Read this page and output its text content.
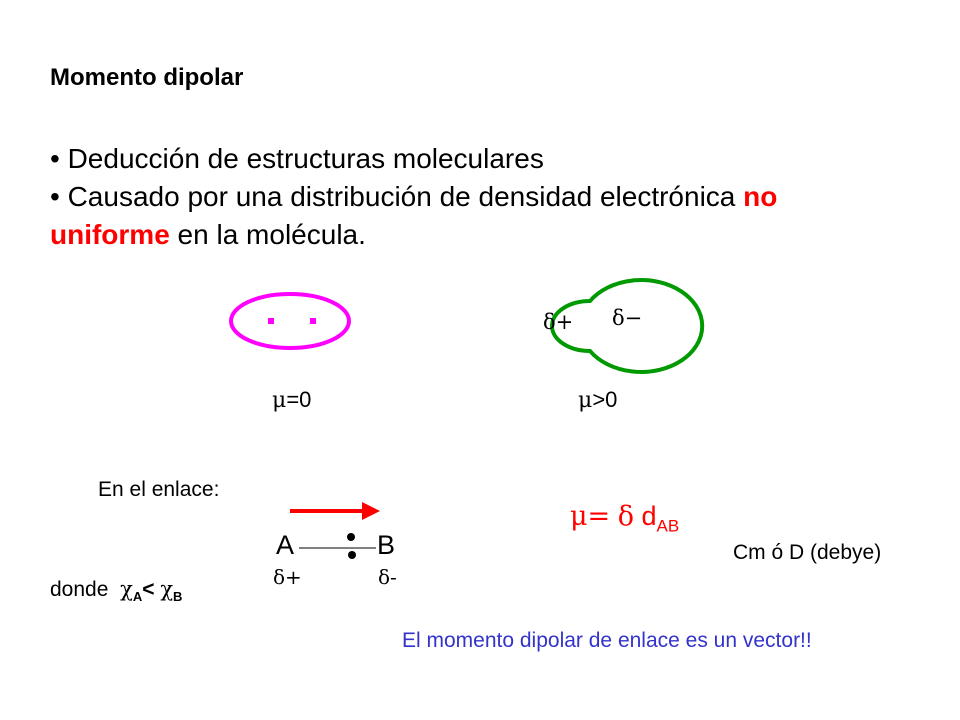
Momento dipolar

• Deducción de estructuras moleculares

• Causado por una distribución de densidad electrónica no
uniforme en la molécula.

δ+ δ−
μ=0	μ>0
En el enlace:
A	B
δ+	δ-
donde $\chi_A< \chi_B$
μ= δ $d_{AB}$
Cm ó D (debye)
El momento dipolar de enlace es un vector!!
